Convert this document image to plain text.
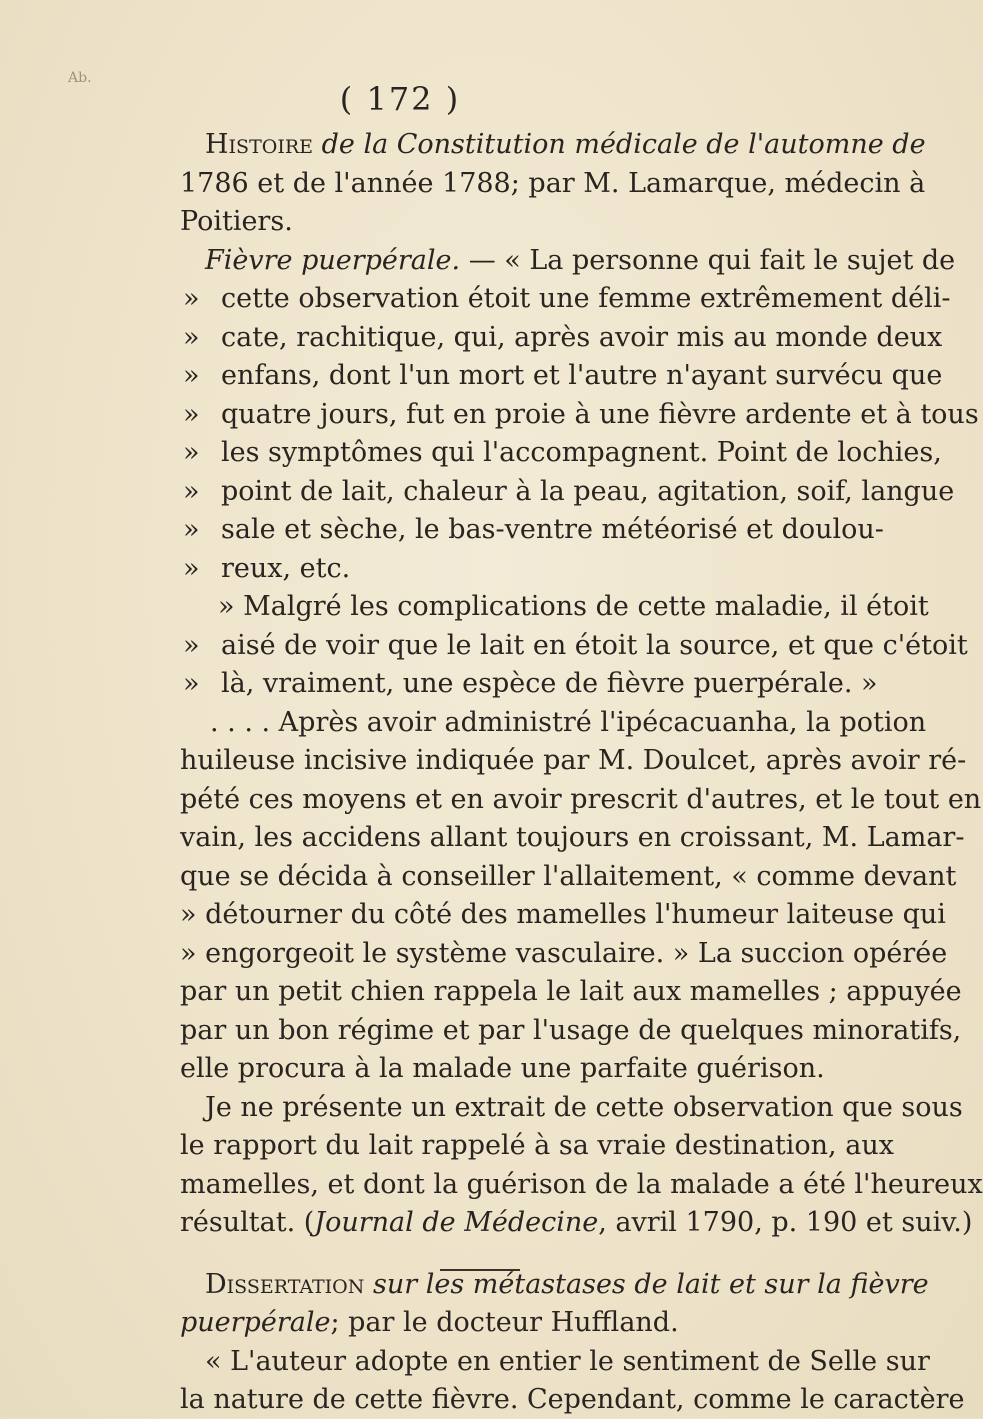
Ab.
( 172 )
Histoire de la Constitution médicale de l'automne de
1786 et de l'année 1788; par M. Lamarque, médecin à
Poitiers.
Fièvre puerpérale. — « La personne qui fait le sujet de
» cette observation étoit une femme extrêmement déli-
» cate, rachitique, qui, après avoir mis au monde deux
» enfans, dont l'un mort et l'autre n'ayant survécu que
» quatre jours, fut en proie à une fièvre ardente et à tous
» les symptômes qui l'accompagnent. Point de lochies,
» point de lait, chaleur à la peau, agitation, soif, langue
» sale et sèche, le bas-ventre météorisé et doulou-
» reux, etc.
» Malgré les complications de cette maladie, il étoit
» aisé de voir que le lait en étoit la source, et que c'étoit
» là, vraiment, une espèce de fièvre puerpérale. »
. . . . Après avoir administré l'ipécacuanha, la potion
huileuse incisive indiquée par M. Doulcet, après avoir ré-
pété ces moyens et en avoir prescrit d'autres, et le tout en
vain, les accidens allant toujours en croissant, M. Lamar-
que se décida à conseiller l'allaitement, « comme devant
» détourner du côté des mamelles l'humeur laiteuse qui
» engorgeoit le système vasculaire. » La succion opérée
par un petit chien rappela le lait aux mamelles ; appuyée
par un bon régime et par l'usage de quelques minoratifs,
elle procura à la malade une parfaite guérison.
Je ne présente un extrait de cette observation que sous
le rapport du lait rappelé à sa vraie destination, aux
mamelles, et dont la guérison de la malade a été l'heureux
résultat. (Journal de Médecine, avril 1790, p. 190 et suiv.)
Dissertation sur les métastases de lait et sur la fièvre
puerpérale; par le docteur Huffland.
« L'auteur adopte en entier le sentiment de Selle sur
la nature de cette fièvre. Cependant, comme le caractère
